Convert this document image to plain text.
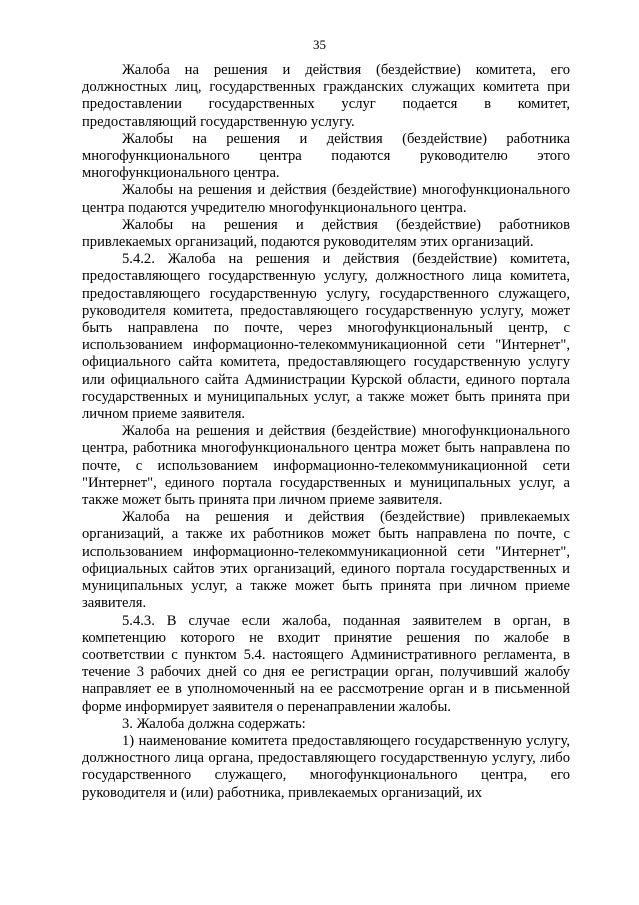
35

Жалоба на решения и действия (бездействие) комитета, его должностных лиц, государственных гражданских служащих комитета при предоставлении государственных услуг подается в комитет, предоставляющий государственную услугу.

Жалобы на решения и действия (бездействие) работника многофункционального центра подаются руководителю этого многофункционального центра.

Жалобы на решения и действия (бездействие) многофункционального центра подаются учредителю многофункционального центра.

Жалобы на решения и действия (бездействие) работников привлекаемых организаций, подаются руководителям этих организаций.

5.4.2. Жалоба на решения и действия (бездействие) комитета, предоставляющего государственную услугу, должностного лица комитета, предоставляющего государственную услугу, государственного служащего, руководителя комитета, предоставляющего государственную услугу, может быть направлена по почте, через многофункциональный центр, с использованием информационно-телекоммуникационной сети "Интернет", официального сайта комитета, предоставляющего государственную услугу или официального сайта Администрации Курской области, единого портала государственных и муниципальных услуг, а также может быть принята при личном приеме заявителя.

Жалоба на решения и действия (бездействие) многофункционального центра, работника многофункционального центра может быть направлена по почте, с использованием информационно-телекоммуникационной сети "Интернет", единого портала государственных и муниципальных услуг, а также может быть принята при личном приеме заявителя.

Жалоба на решения и действия (бездействие) привлекаемых организаций, а также их работников может быть направлена по почте, с использованием информационно-телекоммуникационной сети "Интернет", официальных сайтов этих организаций, единого портала государственных и муниципальных услуг, а также может быть принята при личном приеме заявителя.

5.4.3. В случае если жалоба, поданная заявителем в орган, в компетенцию которого не входит принятие решения по жалобе в соответствии с пунктом 5.4. настоящего Административного регламента, в течение 3 рабочих дней со дня ее регистрации орган, получивший жалобу направляет ее в уполномоченный на ее рассмотрение орган и в письменной форме информирует заявителя о перенаправлении жалобы.

3. Жалоба должна содержать:

1) наименование комитета предоставляющего государственную услугу, должностного лица органа, предоставляющего государственную услугу, либо государственного служащего, многофункционального центра, его руководителя и (или) работника, привлекаемых организаций, их
